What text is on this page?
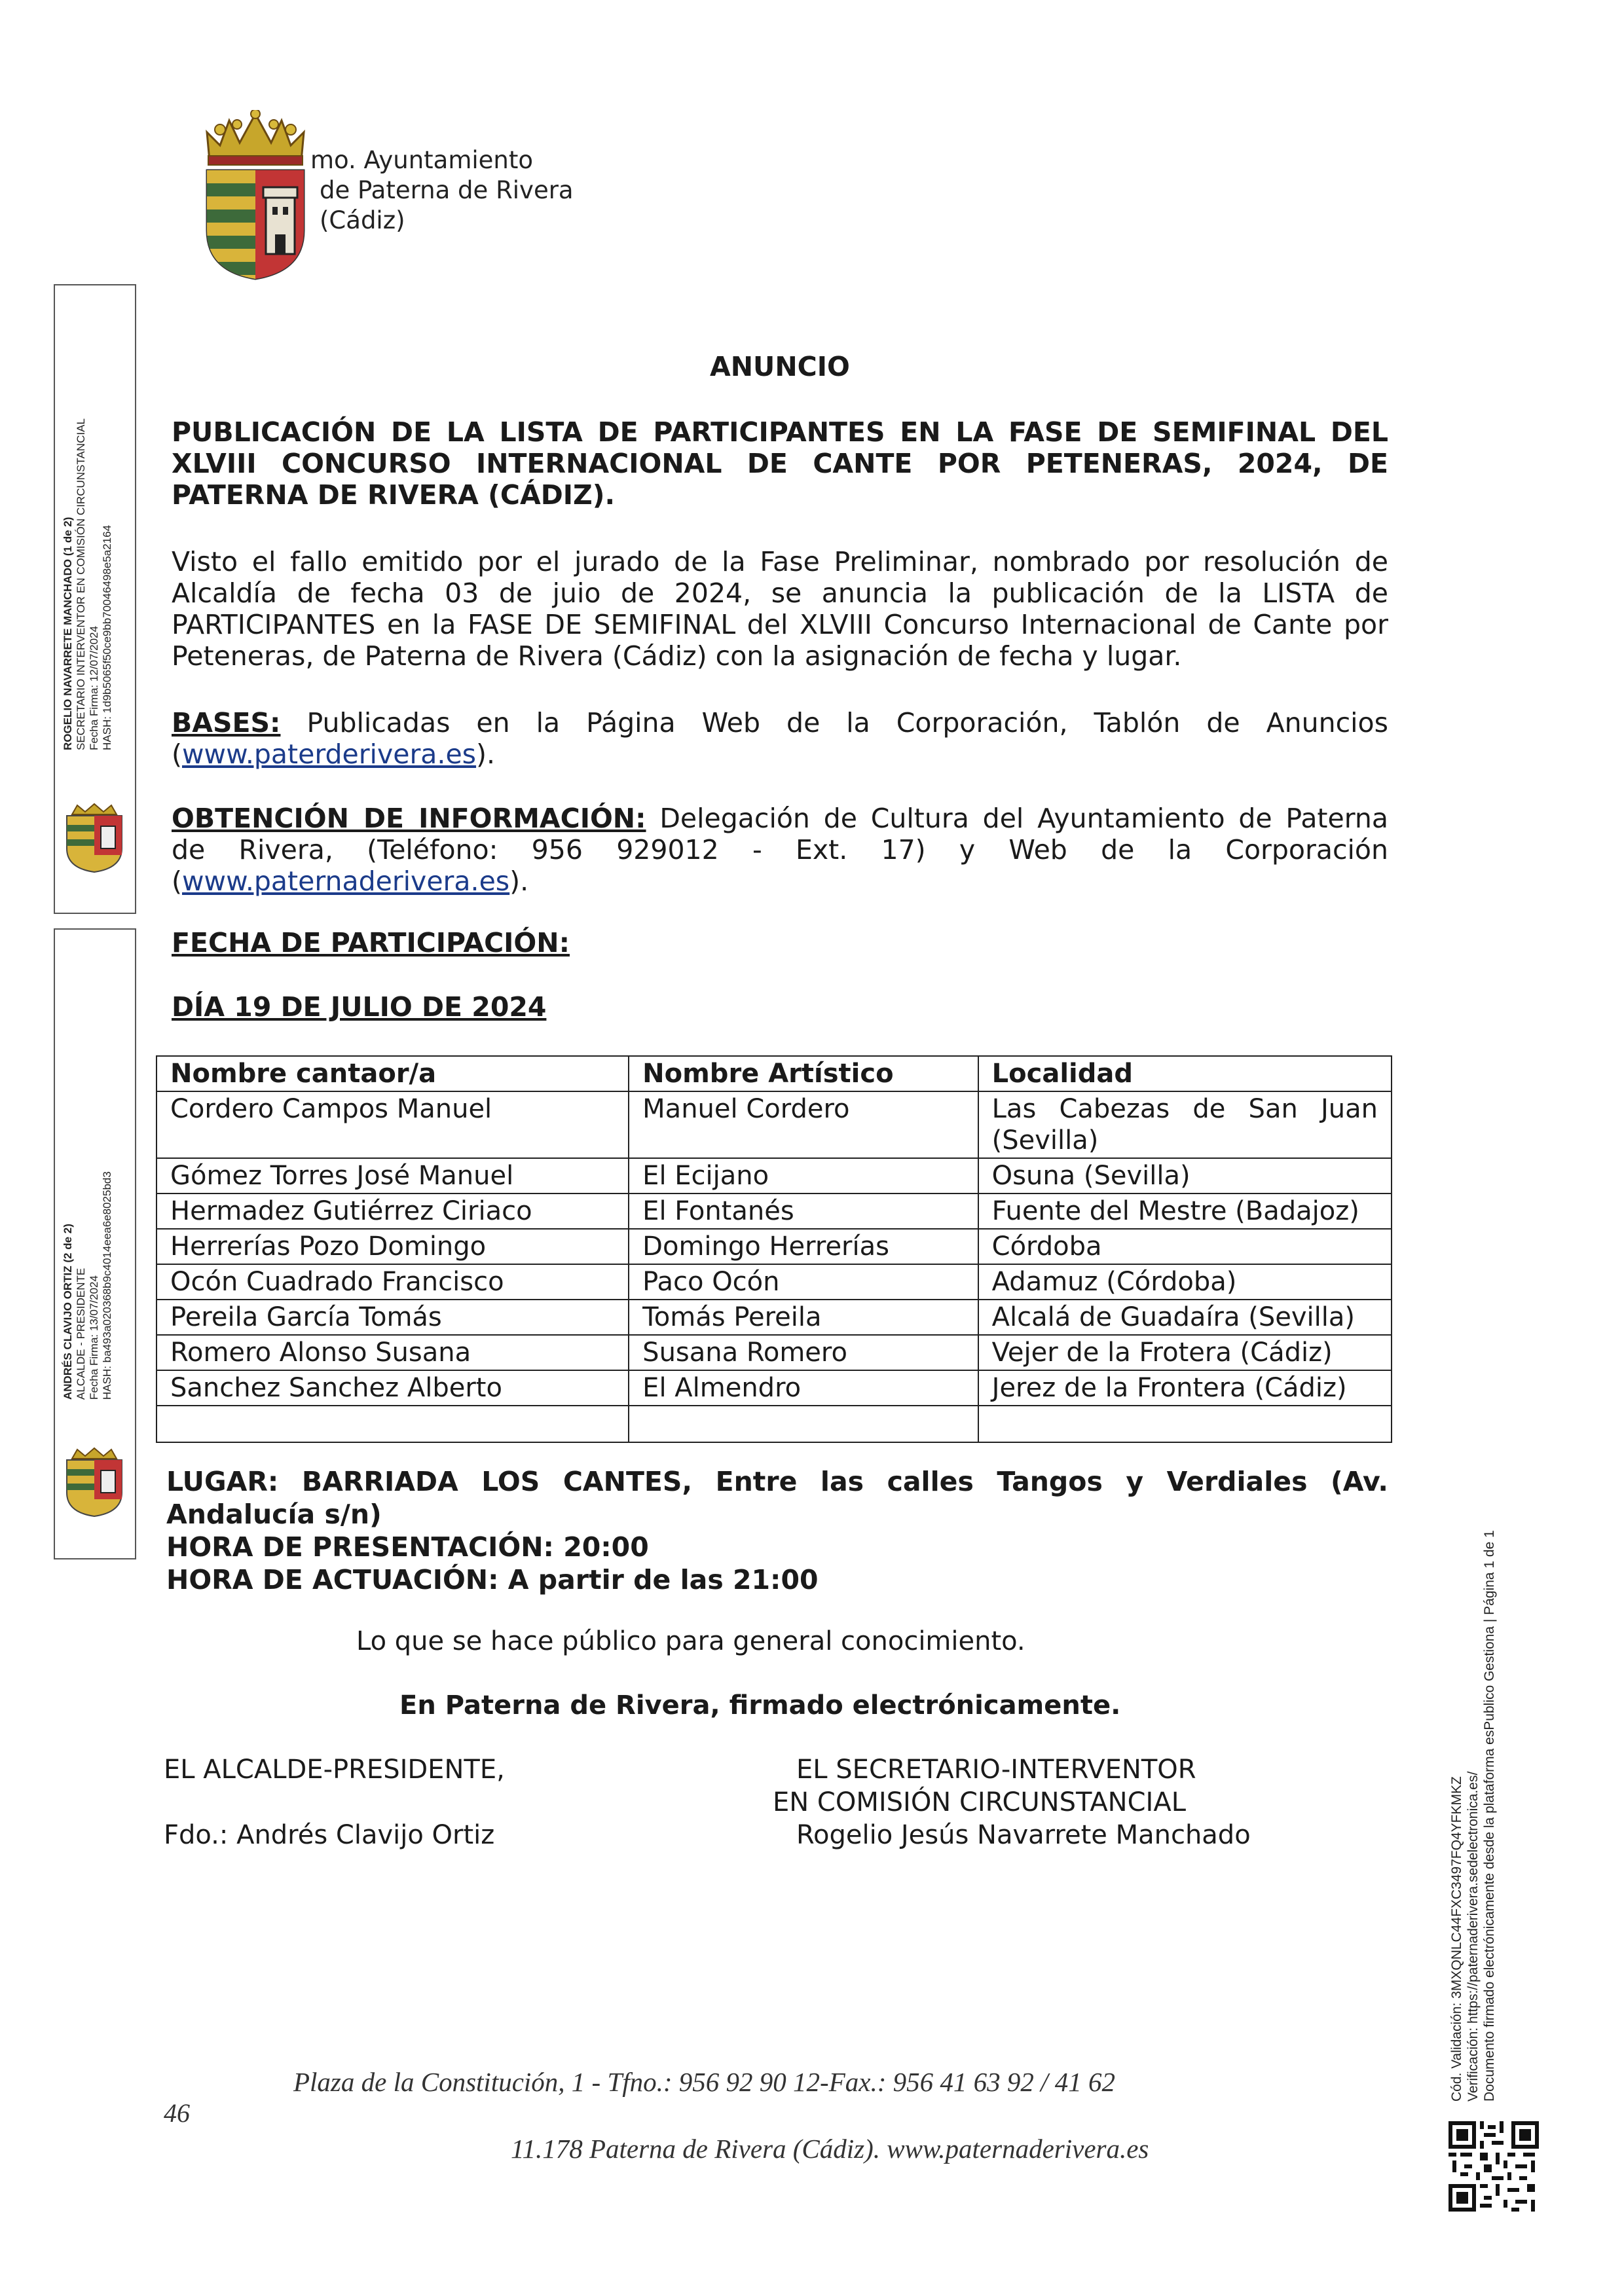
mo. Ayuntamiento
de Paterna de Rivera
(Cádiz)
ROGELIO NAVARRETE MANCHADO (1 de 2) SECRETARIO INTERVENTOR EN COMISIÓN CIRCUNSTANCIAL Fecha Firma: 12/07/2024 HASH: 1d9b5065f50ce9bb70046498e5a2164
ANDRÉS CLAVIJO ORTIZ (2 de 2) ALCALDE - PRESIDENTE Fecha Firma: 13/07/2024 HASH: ba493a020368b9c4014eea6e8025bd3
ANUNCIO
PUBLICACIÓN DE LA LISTA DE PARTICIPANTES EN LA FASE DE SEMIFINAL DEL
XLVIII CONCURSO INTERNACIONAL DE CANTE POR PETENERAS, 2024, DE
PATERNA DE RIVERA (CÁDIZ).
Visto el fallo emitido por el jurado de la Fase Preliminar, nombrado por resolución de
Alcaldía de fecha 03 de juio de 2024, se anuncia la publicación de la LISTA de
PARTICIPANTES en la FASE DE SEMIFINAL del XLVIII Concurso Internacional de Cante por
Peteneras, de Paterna de Rivera (Cádiz) con la asignación de fecha y lugar.
BASES: Publicadas en la Página Web de la Corporación, Tablón de Anuncios
(www.paterderivera.es).
OBTENCIÓN DE INFORMACIÓN: Delegación de Cultura del Ayuntamiento de Paterna
de Rivera, (Teléfono: 956 929012 - Ext. 17) y Web de la Corporación
(www.paternaderivera.es).
FECHA DE PARTICIPACIÓN:
DÍA 19 DE JULIO DE 2024
Nombre cantaor/a	Nombre Artístico	Localidad
Cordero Campos Manuel	Manuel Cordero	Las Cabezas de San Juan (Sevilla)
Gómez Torres José Manuel	El Ecijano	Osuna (Sevilla)
Hermadez Gutiérrez Ciriaco	El Fontanés	Fuente del Mestre (Badajoz)
Herrerías Pozo Domingo	Domingo Herrerías	Córdoba
Ocón Cuadrado Francisco	Paco Ocón	Adamuz (Córdoba)
Pereila García Tomás	Tomás Pereila	Alcalá de Guadaíra (Sevilla)
Romero Alonso Susana	Susana Romero	Vejer de la Frotera (Cádiz)
Sanchez Sanchez Alberto	El Almendro	Jerez de la Frontera (Cádiz)

LUGAR: BARRIADA LOS CANTES, Entre las calles Tangos y Verdiales (Av.
Andalucía s/n)
HORA DE PRESENTACIÓN: 20:00
HORA DE ACTUACIÓN: A partir de las 21:00
Lo que se hace público para general conocimiento.
En Paterna de Rivera, firmado electrónicamente.
EL ALCALDE-PRESIDENTE,
Fdo.: Andrés Clavijo Ortiz
EL SECRETARIO-INTERVENTOR
EN COMISIÓN CIRCUNSTANCIAL
Rogelio Jesús Navarrete Manchado
Plaza de la Constitución, 1 - Tfno.: 956 92 90 12-Fax.: 956 41 63 92 / 41 62
46
11.178 Paterna de Rivera (Cádiz). www.paternaderivera.es
Cód. Validación: 3MXQNLC44FXC3497FQ4YFKMKZ Verificación: https://paternaderivera.sedelectronica.es/ Documento firmado electrónicamente desde la plataforma esPublico Gestiona | Página 1 de 1
